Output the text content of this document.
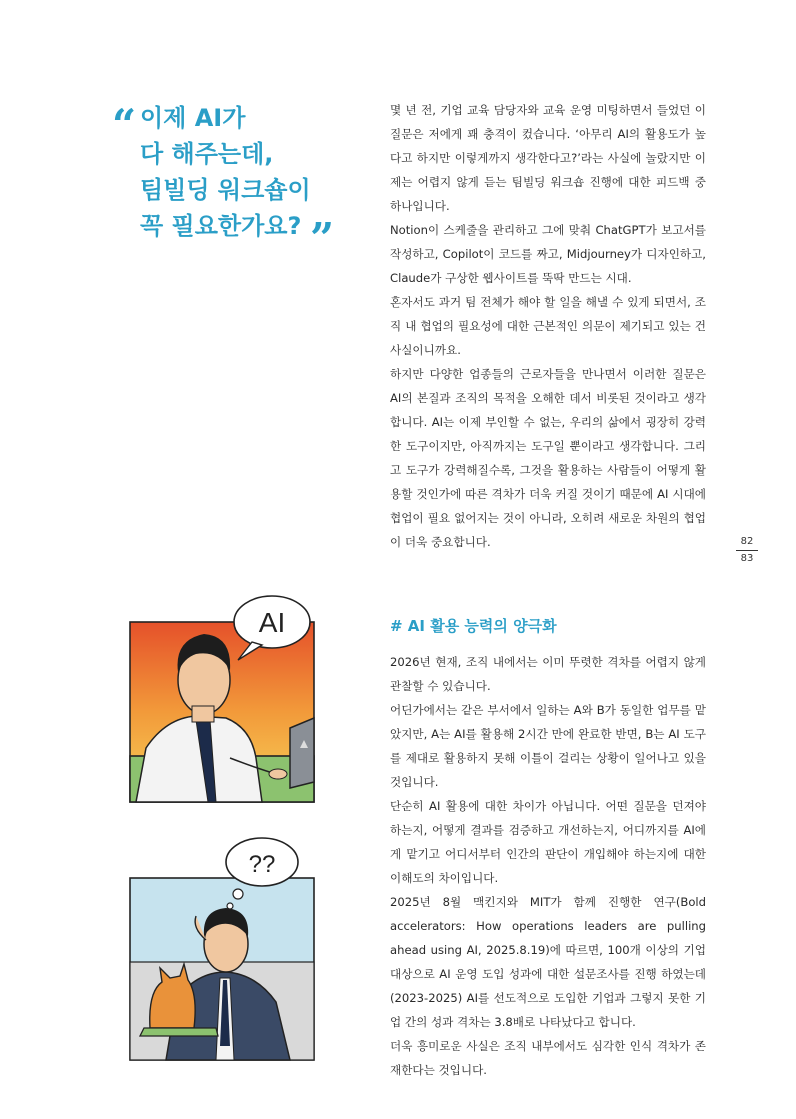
“ 이제 AI가
다 해주는데,
팀빌딩 워크숍이
꼭 필요한가요? ”

몇 년 전, 기업 교육 담당자와 교육 운영 미팅하면서 들었던 이 질문은 저에게 꽤 충격이 컸습니다. ‘아무리 AI의 활용도가 높다고 하지만 이렇게까지 생각한다고?’라는 사실에 놀랐지만 이제는 어렵지 않게 듣는 팀빌딩 워크숍 진행에 대한 피드백 중 하나입니다.

Notion이 스케줄을 관리하고 그에 맞춰 ChatGPT가 보고서를 작성하고, Copilot이 코드를 짜고, Midjourney가 디자인하고, Claude가 구상한 웹사이트를 뚝딱 만드는 시대.

혼자서도 과거 팀 전체가 해야 할 일을 해낼 수 있게 되면서, 조직 내 협업의 필요성에 대한 근본적인 의문이 제기되고 있는 건 사실이니까요.

하지만 다양한 업종들의 근로자들을 만나면서 이러한 질문은 AI의 본질과 조직의 목적을 오해한 데서 비롯된 것이라고 생각합니다. AI는 이제 부인할 수 없는, 우리의 삶에서 굉장히 강력한 도구이지만, 아직까지는 도구일 뿐이라고 생각합니다. 그리고 도구가 강력해질수록, 그것을 활용하는 사람들이 어떻게 활용할 것인가에 따른 격차가 더욱 커질 것이기 때문에 AI 시대에 협업이 필요 없어지는 것이 아니라, 오히려 새로운 차원의 협업이 더욱 중요합니다.	82
83
AI
??
# AI 활용 능력의 양극화

2026년 현재, 조직 내에서는 이미 뚜렷한 격차를 어렵지 않게 관찰할 수 있습니다.

어딘가에서는 같은 부서에서 일하는 A와 B가 동일한 업무를 맡았지만, A는 AI를 활용해 2시간 만에 완료한 반면, B는 AI 도구를 제대로 활용하지 못해 이틀이 걸리는 상황이 일어나고 있을 것입니다.

단순히 AI 활용에 대한 차이가 아닙니다. 어떤 질문을 던져야 하는지, 어떻게 결과를 검증하고 개선하는지, 어디까지를 AI에게 맡기고 어디서부터 인간의 판단이 개입해야 하는지에 대한 이해도의 차이입니다.

2025년 8월 맥킨지와 MIT가 함께 진행한 연구(Bold accelerators: How operations leaders are pulling ahead using AI, 2025.8.19)에 따르면, 100개 이상의 기업 대상으로 AI 운영 도입 성과에 대한 설문조사를 진행 하였는데(2023-2025) AI를 선도적으로 도입한 기업과 그렇지 못한 기업 간의 성과 격차는 3.8배로 나타났다고 합니다.

더욱 흥미로운 사실은 조직 내부에서도 심각한 인식 격차가 존재한다는 것입니다.
